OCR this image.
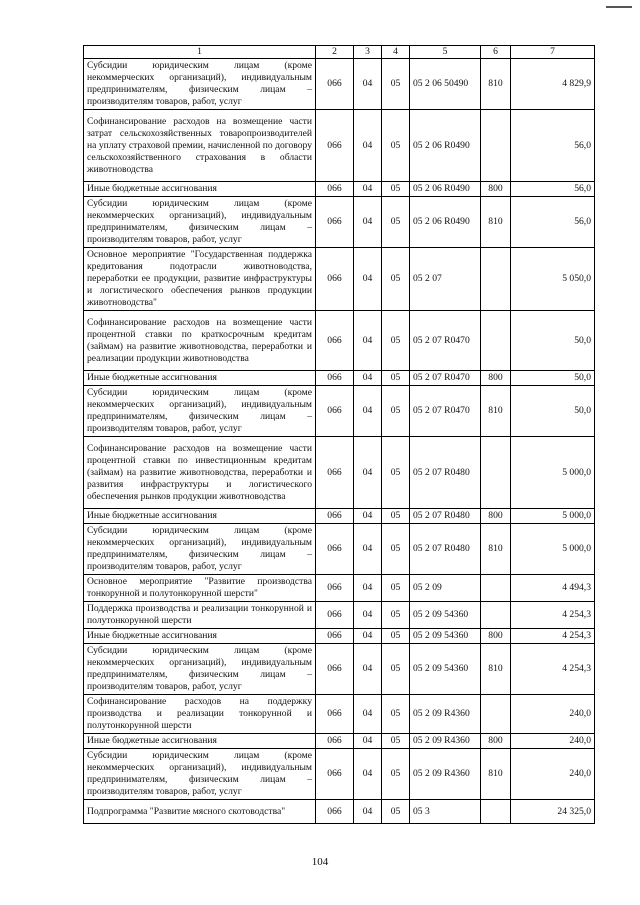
1	2	3	4	5	6	7
Субсидии юридическим лицам (кроме некоммерческих организаций), индивидуальным предпринимателям, физическим лицам – производителям товаров, работ, услуг	066	04	05	05 2 06 50490	810	4 829,9
Софинансирование расходов на возмещение части затрат сельскохозяйственных товаропроизводителей на уплату страховой премии, начисленной по договору сельскохозяйственного страхования в области животноводства	066	04	05	05 2 06 R0490		56,0
Иные бюджетные ассигнования	066	04	05	05 2 06 R0490	800	56,0
Субсидии юридическим лицам (кроме некоммерческих организаций), индивидуальным предпринимателям, физическим лицам – производителям товаров, работ, услуг	066	04	05	05 2 06 R0490	810	56,0
Основное мероприятие "Государственная поддержка кредитования подотрасли животноводства, переработки ее продукции, развитие инфраструктуры и логистического обеспечения рынков продукции животноводства"	066	04	05	05 2 07		5 050,0
Софинансирование расходов на возмещение части процентной ставки по краткосрочным кредитам (займам) на развитие животноводства, переработки и реализации продукции животноводства	066	04	05	05 2 07 R0470		50,0
Иные бюджетные ассигнования	066	04	05	05 2 07 R0470	800	50,0
Субсидии юридическим лицам (кроме некоммерческих организаций), индивидуальным предпринимателям, физическим лицам – производителям товаров, работ, услуг	066	04	05	05 2 07 R0470	810	50,0
Софинансирование расходов на возмещение части процентной ставки по инвестиционным кредитам (займам) на развитие животноводства, переработки и развития инфраструктуры и логистического обеспечения рынков продукции животноводства	066	04	05	05 2 07 R0480		5 000,0
Иные бюджетные ассигнования	066	04	05	05 2 07 R0480	800	5 000,0
Субсидии юридическим лицам (кроме некоммерческих организаций), индивидуальным предпринимателям, физическим лицам – производителям товаров, работ, услуг	066	04	05	05 2 07 R0480	810	5 000,0
Основное мероприятие "Развитие производства тонкорунной и полутонкорунной шерсти"	066	04	05	05 2 09		4 494,3
Поддержка производства и реализации тонкорунной и полутонкорунной шерсти	066	04	05	05 2 09 54360		4 254,3
Иные бюджетные ассигнования	066	04	05	05 2 09 54360	800	4 254,3
Субсидии юридическим лицам (кроме некоммерческих организаций), индивидуальным предпринимателям, физическим лицам – производителям товаров, работ, услуг	066	04	05	05 2 09 54360	810	4 254,3
Софинансирование расходов на поддержку производства и реализации тонкорунной и полутонкорунной шерсти	066	04	05	05 2 09 R4360		240,0
Иные бюджетные ассигнования	066	04	05	05 2 09 R4360	800	240,0
Субсидии юридическим лицам (кроме некоммерческих организаций), индивидуальным предпринимателям, физическим лицам – производителям товаров, работ, услуг	066	04	05	05 2 09 R4360	810	240,0
Подпрограмма "Развитие мясного скотоводства"	066	04	05	05 3		24 325,0
104
